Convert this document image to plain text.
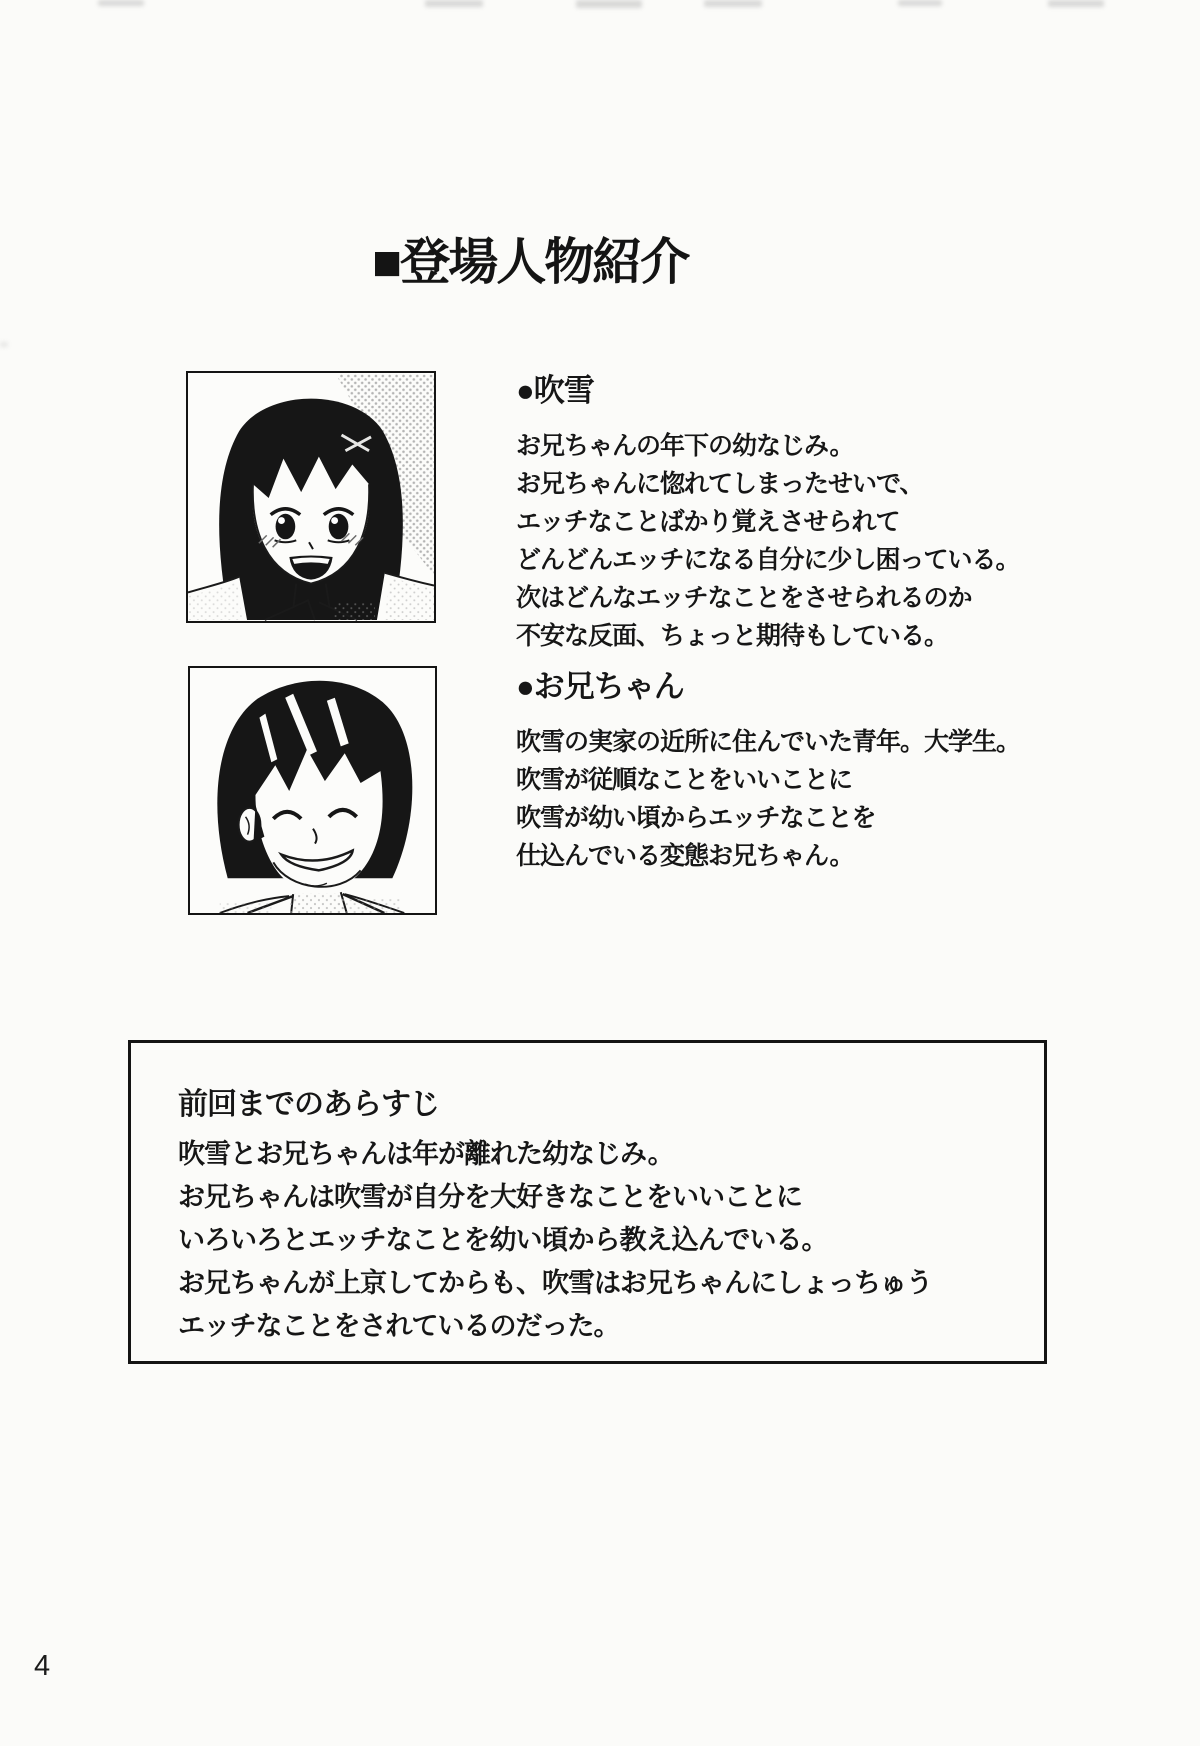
■登場人物紹介
●吹雪
お兄ちゃんの年下の幼なじみ。
お兄ちゃんに惚れてしまったせいで、
エッチなことばかり覚えさせられて
どんどんエッチになる自分に少し困っている。
次はどんなエッチなことをさせられるのか
不安な反面、ちょっと期待もしている。
●お兄ちゃん
吹雪の実家の近所に住んでいた青年。大学生。
吹雪が従順なことをいいことに
吹雪が幼い頃からエッチなことを
仕込んでいる変態お兄ちゃん。
前回までのあらすじ
吹雪とお兄ちゃんは年が離れた幼なじみ。
お兄ちゃんは吹雪が自分を大好きなことをいいことに
いろいろとエッチなことを幼い頃から教え込んでいる。
お兄ちゃんが上京してからも、吹雪はお兄ちゃんにしょっちゅう
エッチなことをされているのだった。
4
